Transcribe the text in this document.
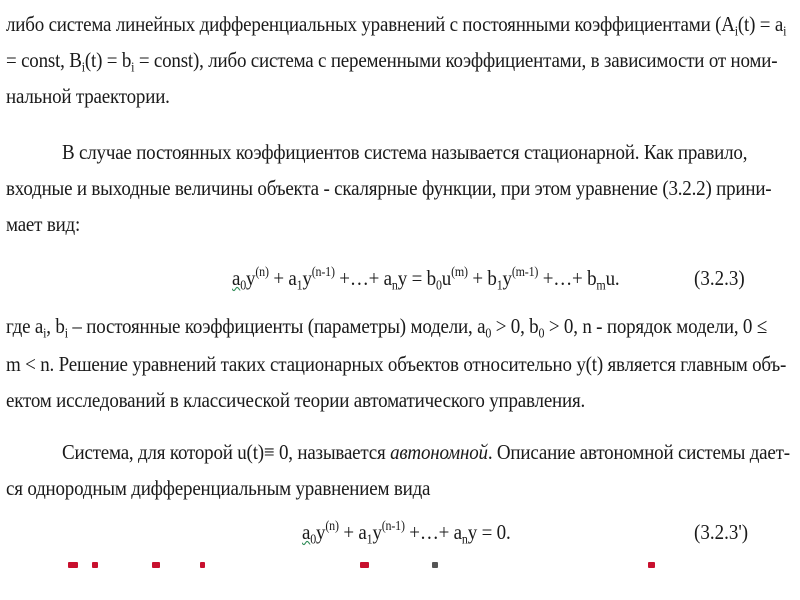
либо система линейных дифференциальных уравнений с постоянными коэффициентами ($A_i(t) = a_i$
= const, $B_i(t) = b_i$ = const), либо система с переменными коэффициентами, в зависимости от номи-
нальной траектории.
В случае постоянных коэффициентов система называется стационарной. Как правило,
входные и выходные величины объекта - скалярные функции, при этом уравнение (3.2.2) прини-
мает вид:
$a_0y^{(n)} + a_1y^{(n-1)}$ +…+ $a_ny = b_0u^{(m)} + b_1y^{(m-1)}$ +…+ $b_mu$.	(3.2.3)
где $a_i$, $b_i$ – постоянные коэффициенты (параметры) модели, $a_0 > 0$, $b_0 > 0$, n - порядок модели, 0 ≤
m < n. Решение уравнений таких стационарных объектов относительно y(t) является главным объ-
ектом исследований в классической теории автоматического управления.
Система, для которой u(t)≡ 0, называется автономной. Описание автономной системы дает-
ся однородным дифференциальным уравнением вида
$a_0y^{(n)} + a_1y^{(n-1)}$ +…+ $a_ny = 0$.	(3.2.3')
